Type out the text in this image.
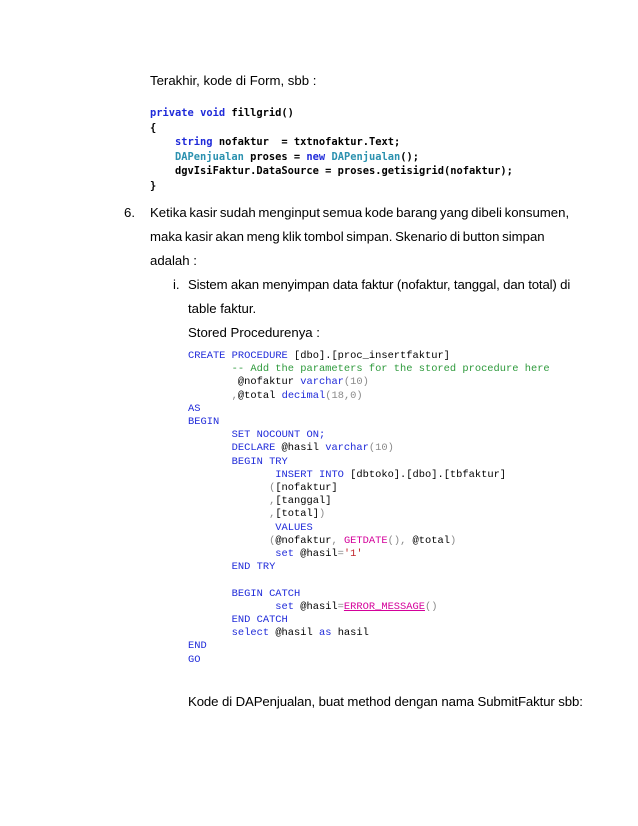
Terakhir, kode di Form, sbb :
private void fillgrid()
{
string nofaktur  = txtnofaktur.Text;
DAPenjualan proses = new DAPenjualan();
dgvIsiFaktur.DataSource = proses.getisigrid(nofaktur);
}
6. Ketika kasir sudah menginput semua kode barang yang dibeli konsumen,
maka kasir akan meng klik tombol simpan. Skenario di button simpan
adalah :
i. Sistem akan menyimpan data faktur (nofaktur, tanggal, dan total) di
table faktur.
Stored Procedurenya :
CREATE PROCEDURE [dbo].[proc_insertfaktur]
-- Add the parameters for the stored procedure here
@nofaktur varchar(10)
,@total decimal(18,0)
AS
BEGIN
SET NOCOUNT ON;
DECLARE @hasil varchar(10)
BEGIN TRY
INSERT INTO [dbtoko].[dbo].[tbfaktur]
([nofaktur]
,[tanggal]
,[total])
VALUES
(@nofaktur, GETDATE(), @total)
set @hasil='1'
END TRY

BEGIN CATCH
set @hasil=ERROR_MESSAGE()
END CATCH
select @hasil as hasil
END
GO
Kode di DAPenjualan, buat method dengan nama SubmitFaktur sbb:
